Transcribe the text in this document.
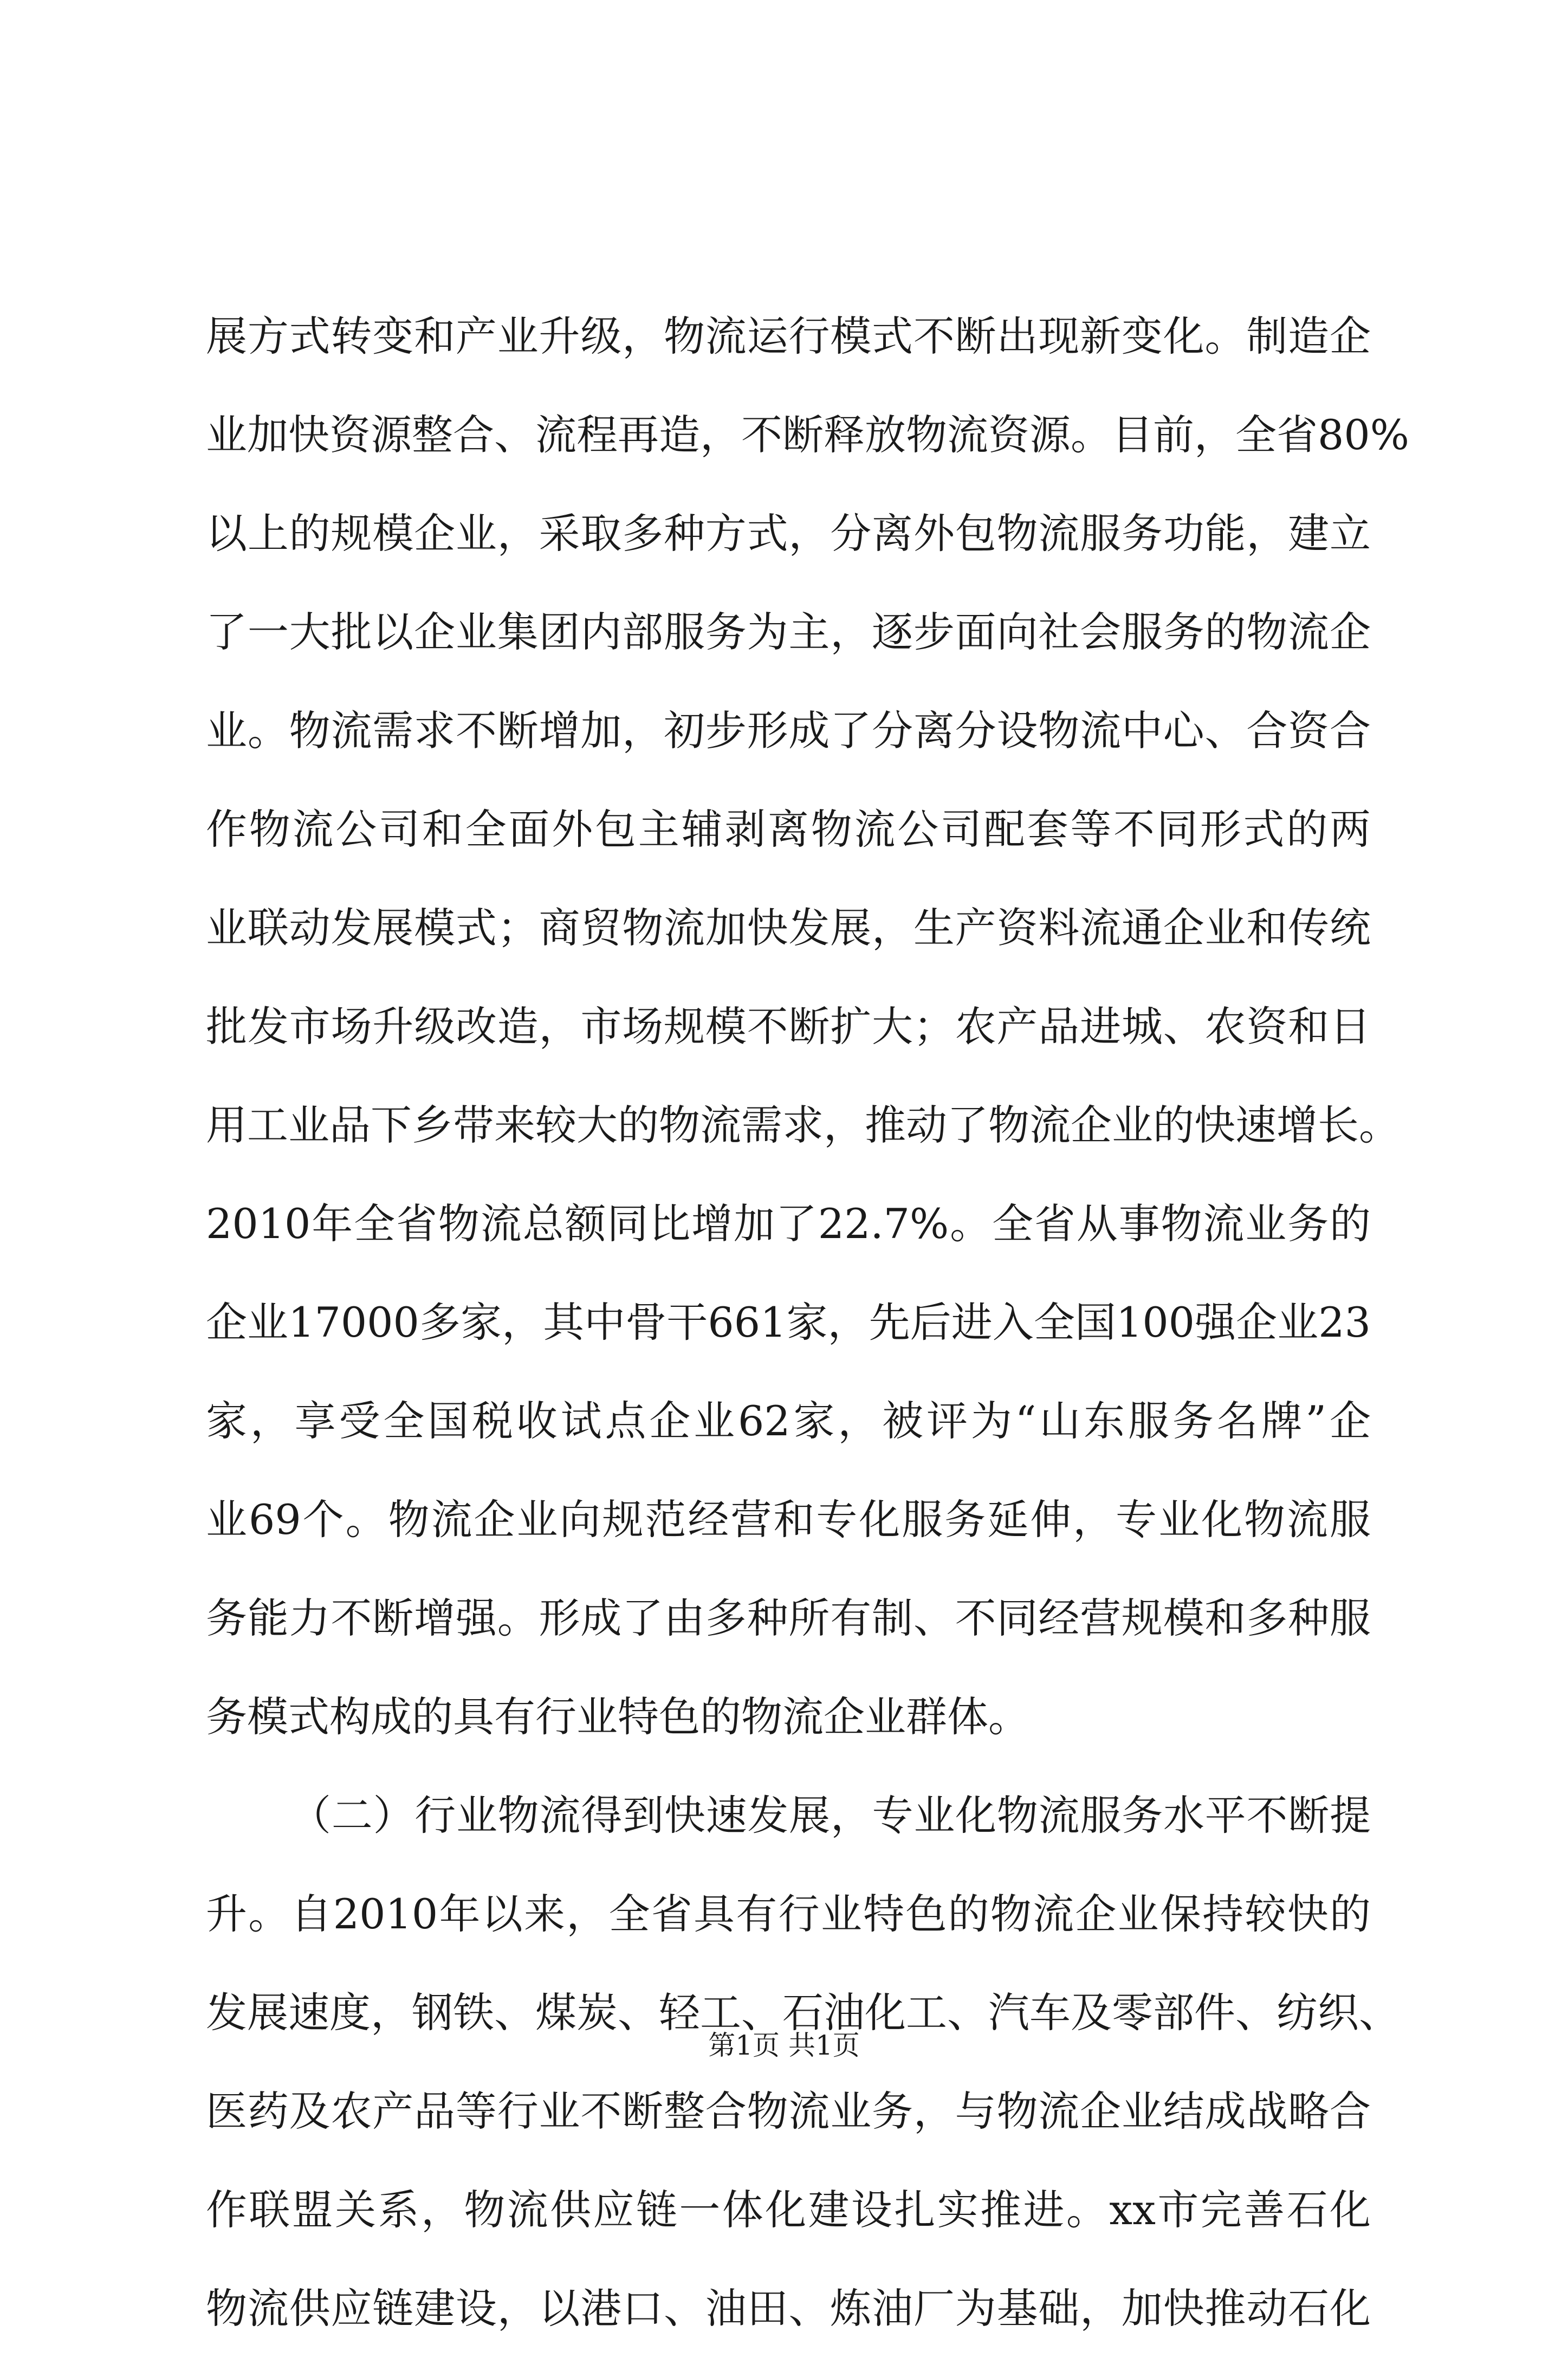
展方式转变和产业升级，物流运行模式不断出现新变化。制造企
业加快资源整合、流程再造，不断释放物流资源。目前，全省80%
以上的规模企业，采取多种方式，分离外包物流服务功能，建立
了一大批以企业集团内部服务为主，逐步面向社会服务的物流企
业。物流需求不断增加，初步形成了分离分设物流中心、合资合
作物流公司和全面外包主辅剥离物流公司配套等不同形式的两
业联动发展模式；商贸物流加快发展，生产资料流通企业和传统
批发市场升级改造，市场规模不断扩大；农产品进城、农资和日
用工业品下乡带来较大的物流需求，推动了物流企业的快速增长。
2010年全省物流总额同比增加了22.7%。全省从事物流业务的
企业17000多家，其中骨干661家，先后进入全国100强企业23
家，享受全国税收试点企业62家，被评为“山东服务名牌”企
业69个。物流企业向规范经营和专化服务延伸，专业化物流服
务能力不断增强。形成了由多种所有制、不同经营规模和多种服
务模式构成的具有行业特色的物流企业群体。
（二）行业物流得到快速发展，专业化物流服务水平不断提
升。自2010年以来，全省具有行业特色的物流企业保持较快的
发展速度，钢铁、煤炭、轻工、石油化工、汽车及零部件、纺织、
医药及农产品等行业不断整合物流业务，与物流企业结成战略合
作联盟关系，物流供应链一体化建设扎实推进。xx市完善石化
物流供应链建设，以港口、油田、炼油厂为基础，加快推动石化
第1页 共1页
